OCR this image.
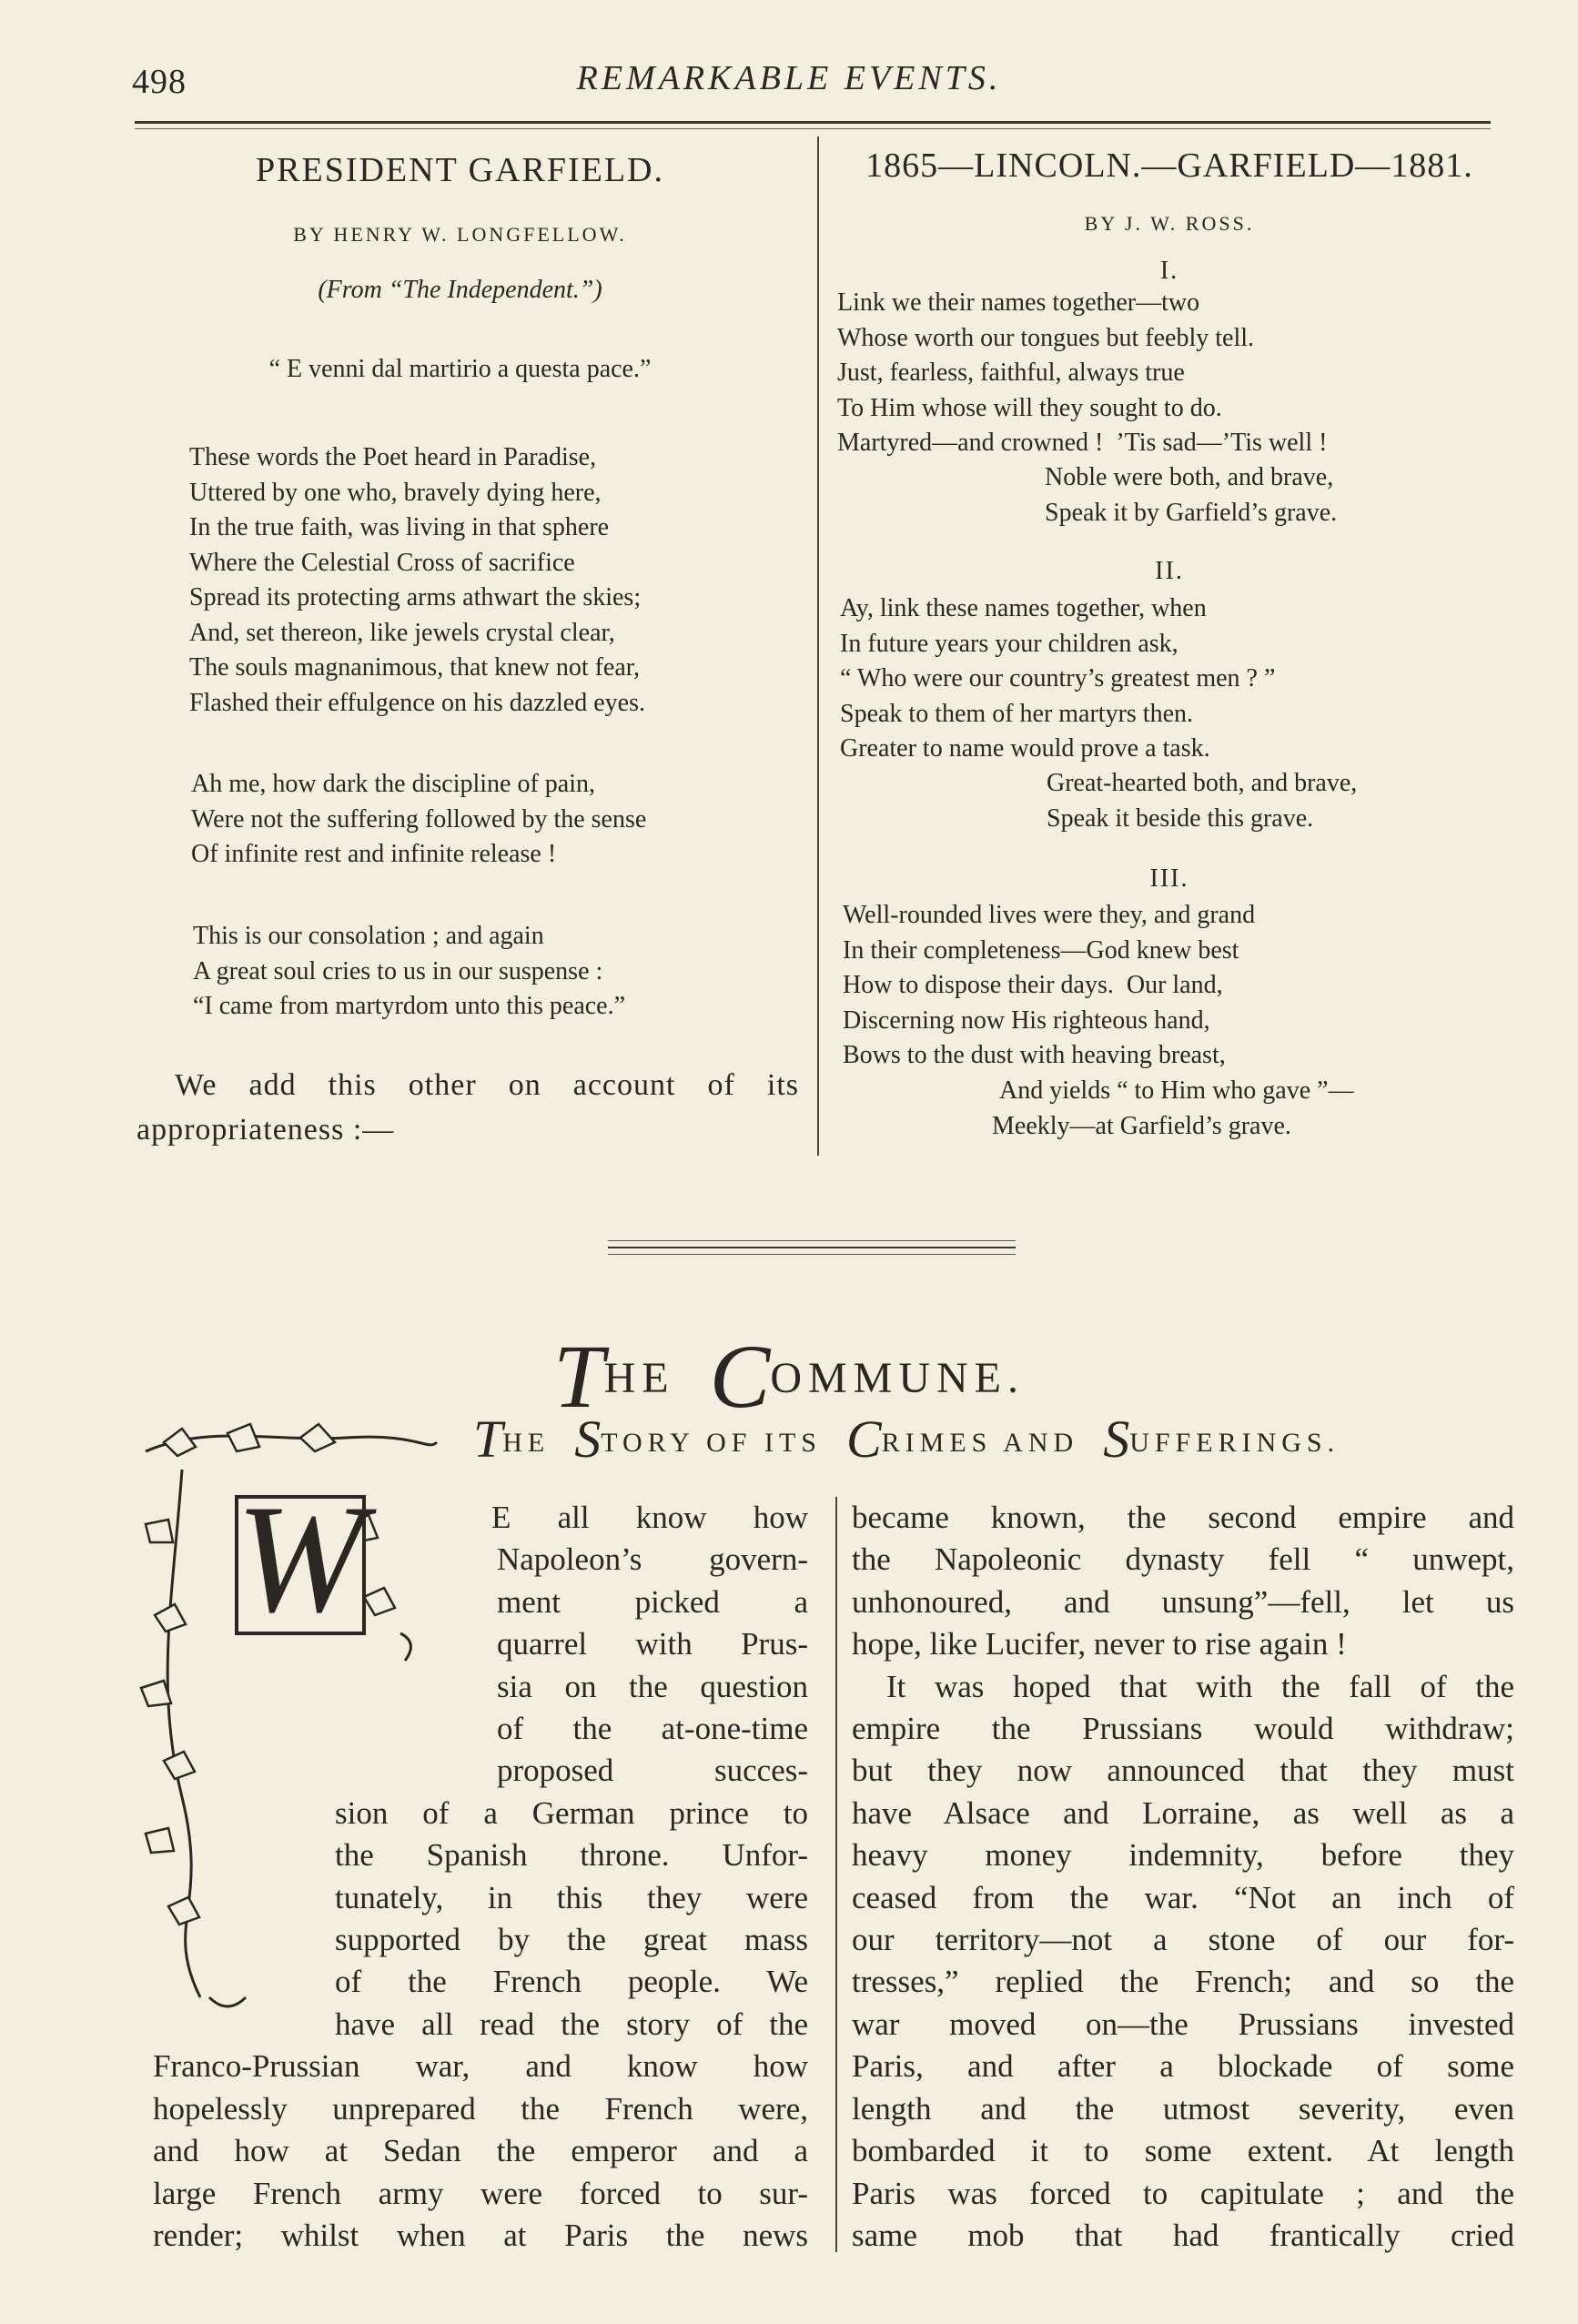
498	REMARKABLE EVENTS.
PRESIDENT GARFIELD.
BY HENRY W. LONGFELLOW.
(From “The Independent.”)
“ E venni dal martirio a questa pace.”
These words the Poet heard in Paradise,
Uttered by one who, bravely dying here,
In the true faith, was living in that sphere
Where the Celestial Cross of sacrifice
Spread its protecting arms athwart the skies;
And, set thereon, like jewels crystal clear,
The souls magnanimous, that knew not fear,
Flashed their effulgence on his dazzled eyes.
Ah me, how dark the discipline of pain,
Were not the suffering followed by the sense
Of infinite rest and infinite release !
This is our consolation ; and again
A great soul cries to us in our suspense :
“I came from martyrdom unto this peace.”
We add this other on account of its
appropriateness :—
1865—LINCOLN.—GARFIELD—1881.
BY J. W. ROSS.
I.
Link we their names together—two
Whose worth our tongues but feebly tell.
Just, fearless, faithful, always true
To Him whose will they sought to do.
Martyred—and crowned !  ’Tis sad—’Tis well !
Noble were both, and brave,
Speak it by Garfield’s grave.
II.
Ay, link these names together, when
In future years your children ask,
“ Who were our country’s greatest men ? ”
Speak to them of her martyrs then.
Greater to name would prove a task.
Great-hearted both, and brave,
Speak it beside this grave.
III.
Well-rounded lives were they, and grand
In their completeness—God knew best
How to dispose their days.  Our land,
Discerning now His righteous hand,
Bows to the dust with heaving breast,
And yields “ to Him who gave ”—
Meekly—at Garfield’s grave.
THE COMMUNE.
THE STORY OF ITS CRIMES AND SUFFERINGS.
W	E all know how
Napoleon’s govern-
ment picked a
quarrel with Prus-
sia on the question
of the at-one-time
proposed succes-
sion of a German prince to
the Spanish throne. Unfor-
tunately, in this they were
supported by the great mass
of the French people. We
have all read the story of the
Franco-Prussian war, and know how
hopelessly unprepared the French were,
and how at Sedan the emperor and a
large French army were forced to sur-
render; whilst when at Paris the news
became known, the second empire and
the Napoleonic dynasty fell “ unwept,
unhonoured, and unsung”—fell, let us
hope, like Lucifer, never to rise again !
It was hoped that with the fall of the
empire the Prussians would withdraw;
but they now announced that they must
have Alsace and Lorraine, as well as a
heavy money indemnity, before they
ceased from the war. “Not an inch of
our territory—not a stone of our for-
tresses,” replied the French; and so the
war moved on—the Prussians invested
Paris, and after a blockade of some
length and the utmost severity, even
bombarded it to some extent. At length
Paris was forced to capitulate ; and the
same mob that had frantically cried
